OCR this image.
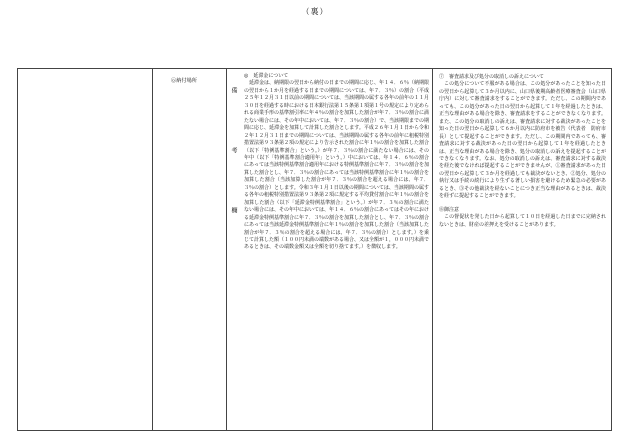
（裏）

⑥納付場所

備　　考　　欄
◎　延滞金について
延滞金は、納期限の翌日から納付の日までの期間に応じ、年１４．６％（納期限の翌日から１か月を経過する日までの期間については、年７．３％）の割合（平成２５年１２月３１日以前の期間については、当該期間の属する各年の前年の１１月３０日を経過する時における日本銀行法第１５条第１項第１号の規定により定められる商業手形の基準割引率に年４％の割合を加算した割合が年７．３％の割合に満たない場合には、その年中においては、年７．３％の割合）で、当該期限までの期間に応じ、延滞金を加算して計算した割合とします。平成２６年１月１日から令和２年１２月３１日までの期間については、当該期間の属する各年の前年に租税特別措置法第９３条第２項の規定により告示された割合に年１％の割合を加算した割合（以下「特例基準割合」という。）が年７．３％の割合に満たない場合には、その年中（以下「特例基準割合適用年」という。）中においては、年１４．６％の割合にあっては当該特例基準割合適用年における特例基準割合に年７．３％の割合を加算した割合とし、年７．３％の割合にあっては当該特例基準割合に年１％の割合を加算した割合（当該加算した割合が年７．３％の割合を超える場合には、年７．３％の割合）とします。令和３年１月１日以後の期間については、当該期間の属する各年の租税特別措置法第９３条第２項に規定する平均貸付割合に年１％の割合を加算した割合（以下「延滞金特例基準割合」という。）が年７．３％の割合に満たない場合には、その年中においては、年１４．６％の割合にあってはその年における延滞金特例基準割合に年７．３％の割合を加算した割合とし、年７．３％の割合にあっては当該延滞金特例基準割合に年１％の割合を加算した割合（当該加算した割合が年７．３％の割合を超える場合には、年７．３％の割合）とします。）を乗じて計算した額（１００円未満の端数がある場合、又は全額が１，０００円未満であるときは、その端数金額又は全額を切り捨てます。）を徴収します。

⑦　審査請求及び処分の取消しの訴えについて
この処分について不服がある場合は、この処分があったことを知った日の翌日から起算して３か月以内に、山口県後期高齢者医療審査会（山口県庁内）に対して審査請求をすることができます。ただし、この期間内であっても、この処分があった日の翌日から起算して１年を経過したときは、正当な理由がある場合を除き、審査請求をすることができなくなります。また、この処分の取消しの訴えは、審査請求に対する裁決があったことを知った日の翌日から起算して６か月以内に防府市を被告（代表者　防府市長）として提起することができます。ただし、この期間内であっても、審査請求に対する裁決があった日の翌日から起算して１年を経過したときは、正当な理由がある場合を除き、処分の取消しの訴えを提起することができなくなります。なお、処分の取消しの訴えは、審査請求に対する裁決を経た後でなければ提起することができませんが、①審査請求があった日の翌日から起算して３か月を経過しても裁決がないとき、②処分、処分の執行又は手続の続行により生ずる著しい損害を避けるため緊急の必要があるとき、③その他裁決を経ないことにつき正当な理由があるときは、裁決を経ずに提起することができます。
⑧御注意
この督促状を発した日から起算して１０日を経過した日までに完納されないときは、財産の差押えを受けることがあります。
